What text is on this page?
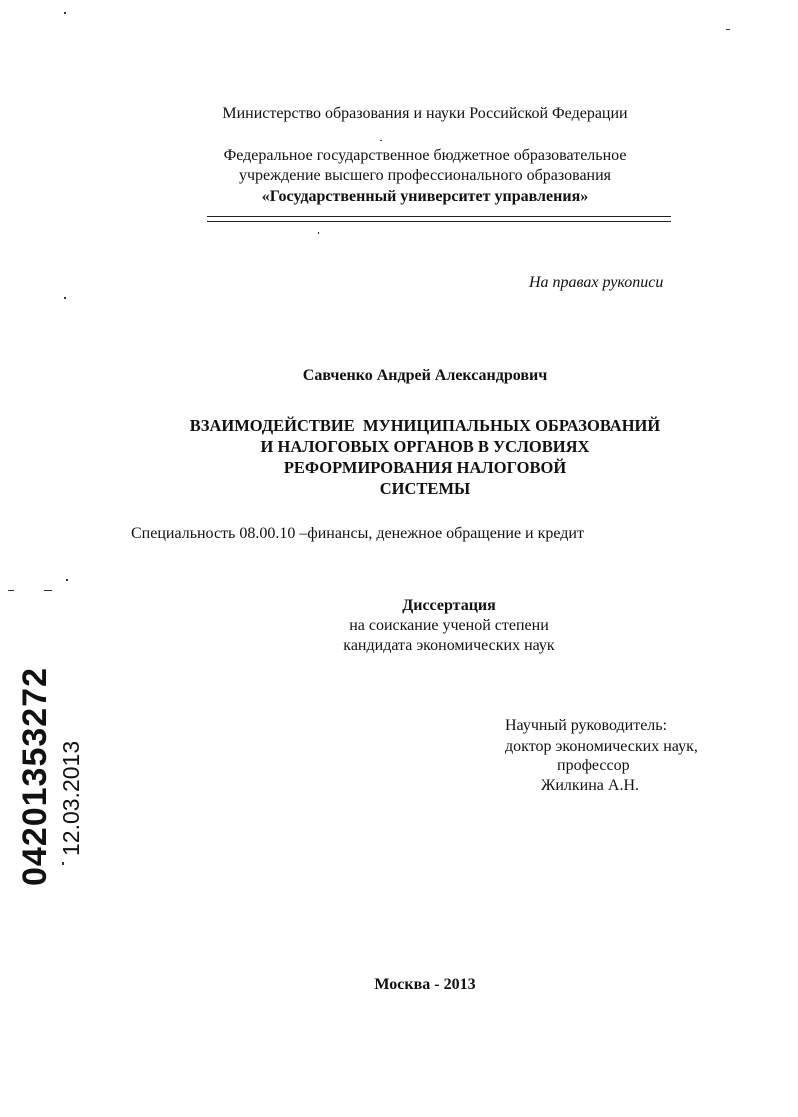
Министерство образования и науки Российской Федерации
Федеральное государственное бюджетное образовательное
учреждение высшего профессионального образования
«Государственный университет управления»
На правах рукописи
Савченко Андрей Александрович
ВЗАИМОДЕЙСТВИЕ  МУНИЦИПАЛЬНЫХ ОБРАЗОВАНИЙ
И НАЛОГОВЫХ ОРГАНОВ В УСЛОВИЯХ
РЕФОРМИРОВАНИЯ НАЛОГОВОЙ
СИСТЕМЫ
Специальность 08.00.10 –финансы, денежное обращение и кредит
Диссертация
на соискание ученой степени
кандидата экономических наук
Научный руководитель:
доктор экономических наук,
профессор
Жилкина А.Н.
Москва - 2013
04201353272 12.03.2013
